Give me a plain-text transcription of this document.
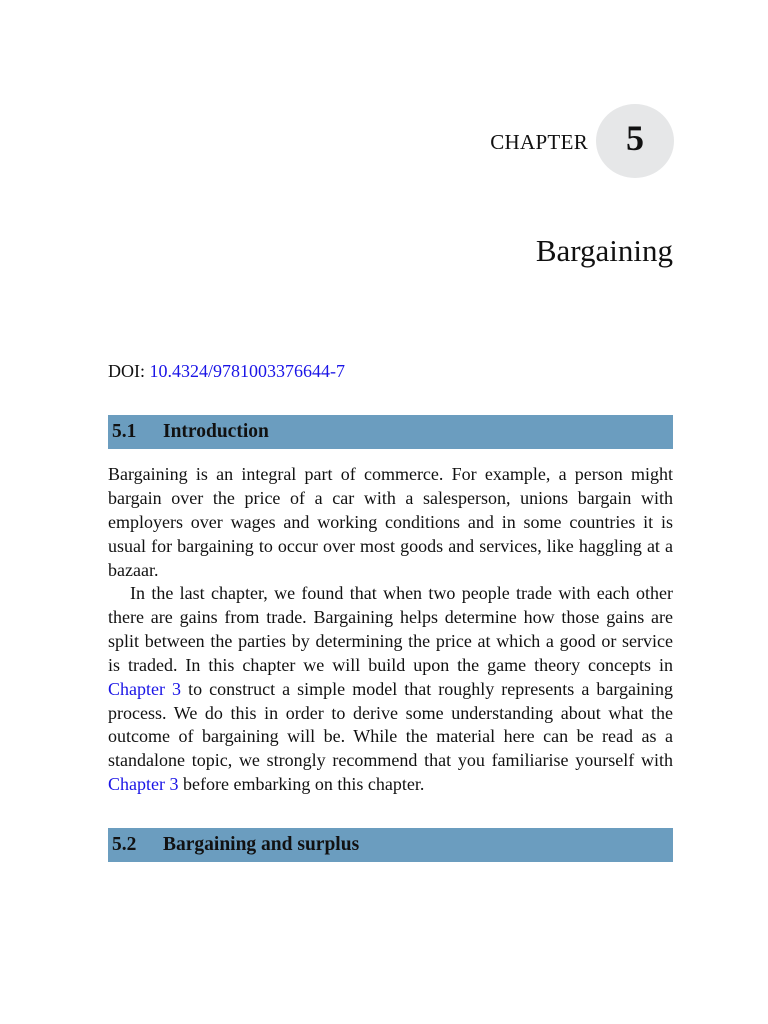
CHAPTER	5
Bargaining
DOI: 10.4324/9781003376644-7
5.1	Introduction

Bargaining is an integral part of commerce. For example, a person might bargain over the price of a car with a salesperson, unions bargain with employers over wages and working conditions and in some countries it is usual for bargaining to occur over most goods and services, like haggling at a bazaar.

In the last chapter, we found that when two people trade with each other there are gains from trade. Bargaining helps determine how those gains are split between the parties by determining the price at which a good or service is traded. In this chapter we will build upon the game theory concepts in Chapter 3 to construct a simple model that roughly represents a bargaining process. We do this in order to derive some understanding about what the outcome of bargaining will be. While the material here can be read as a standalone topic, we strongly recommend that you familiarise yourself with Chapter 3 before embarking on this chapter.

5.2	Bargaining and surplus
